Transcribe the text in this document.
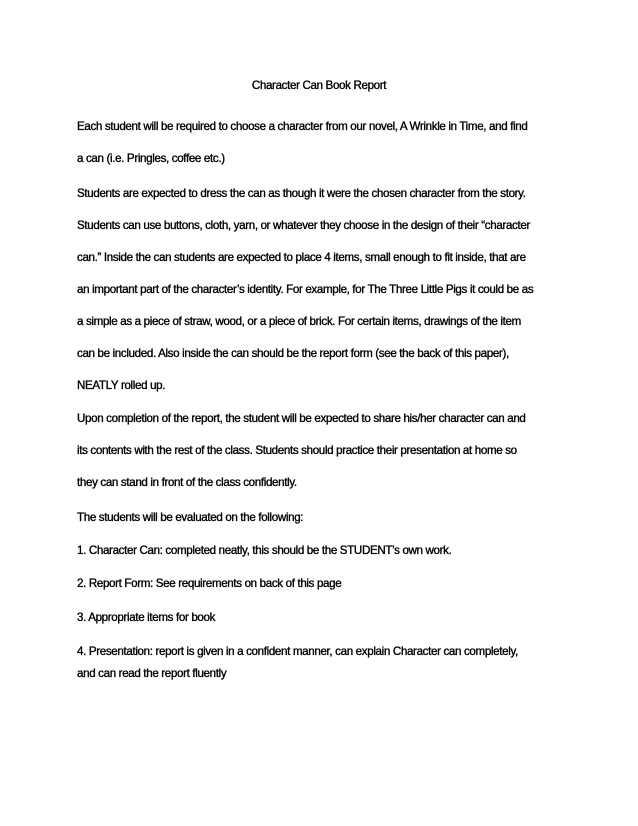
Character Can Book Report

Each student will be required to choose a character from our novel, A Wrinkle in Time, and find

a can (i.e. Pringles, coffee etc.)

Students are expected to dress the can as though it were the chosen character from the story.

Students can use buttons, cloth, yarn, or whatever they choose in the design of their “character

can.” Inside the can students are expected to place 4 items, small enough to fit inside, that are

an important part of the character’s identity. For example, for The Three Little Pigs it could be as

a simple as a piece of straw, wood, or a piece of brick. For certain items, drawings of the item

can be included. Also inside the can should be the report form (see the back of this paper),

NEATLY rolled up.

Upon completion of the report, the student will be expected to share his/her character can and

its contents with the rest of the class. Students should practice their presentation at home so

they can stand in front of the class confidently.

The students will be evaluated on the following:

1. Character Can: completed neatly, this should be the STUDENT’s own work.

2. Report Form: See requirements on back of this page

3. Appropriate items for book

4. Presentation: report is given in a confident manner, can explain Character can completely,

and can read the report fluently
